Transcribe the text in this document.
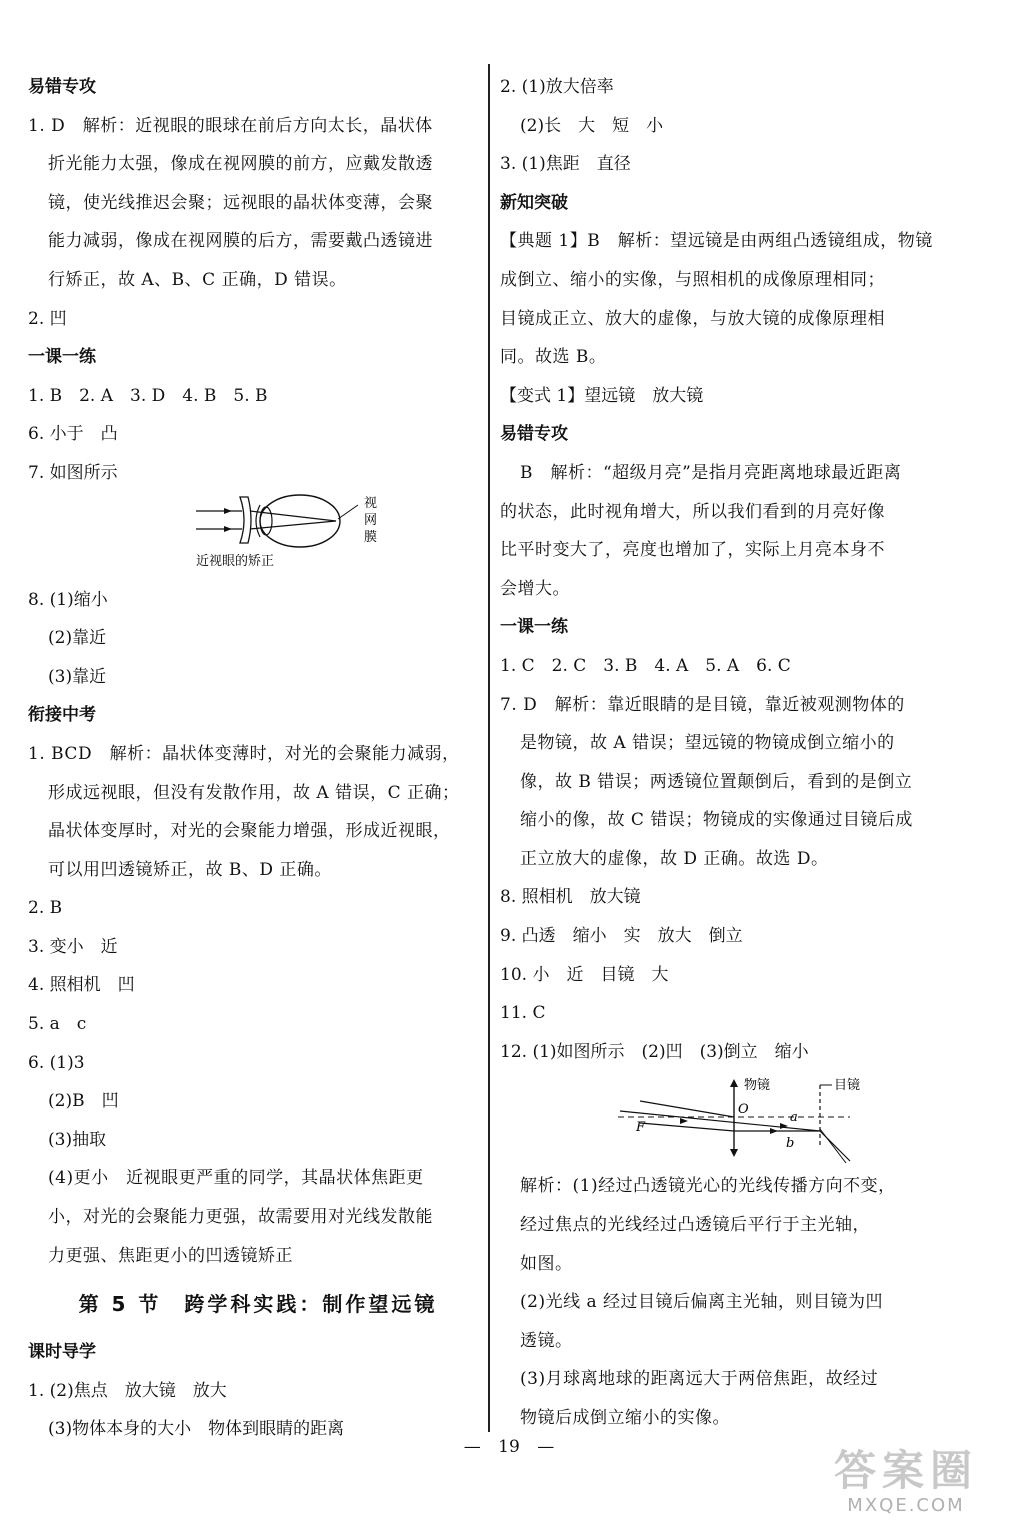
易错专攻
1. D　解析：近视眼的眼球在前后方向太长，晶状体
折光能力太强，像成在视网膜的前方，应戴发散透
镜，使光线推迟会聚；远视眼的晶状体变薄，会聚
能力减弱，像成在视网膜的后方，需要戴凸透镜进
行矫正，故 A、B、C 正确，D 错误。
2. 凹
一课一练
1. B　2. A　3. D　4. B　5. B
6. 小于　凸
7. 如图所示
视
网
膜
近视眼的矫正
8. (1)缩小
(2)靠近
(3)靠近
衔接中考
1. BCD　解析：晶状体变薄时，对光的会聚能力减弱，
形成远视眼，但没有发散作用，故 A 错误，C 正确；
晶状体变厚时，对光的会聚能力增强，形成近视眼，
可以用凹透镜矫正，故 B、D 正确。
2. B
3. 变小　近
4. 照相机　凹
5. a　c
6. (1)3
(2)B　凹
(3)抽取
(4)更小　近视眼更严重的同学，其晶状体焦距更
小，对光的会聚能力更强，故需要用对光线发散能
力更强、焦距更小的凹透镜矫正
第 5 节　跨学科实践：制作望远镜
课时导学
1. (2)焦点　放大镜　放大
(3)物体本身的大小　物体到眼睛的距离
2. (1)放大倍率
(2)长　大　短　小
3. (1)焦距　直径
新知突破
【典题 1】B　解析：望远镜是由两组凸透镜组成，物镜
成倒立、缩小的实像，与照相机的成像原理相同；
目镜成正立、放大的虚像，与放大镜的成像原理相
同。故选 B。
【变式 1】望远镜　放大镜
易错专攻
B　解析：“超级月亮”是指月亮距离地球最近距离
的状态，此时视角增大，所以我们看到的月亮好像
比平时变大了，亮度也增加了，实际上月亮本身不
会增大。
一课一练
1. C　2. C　3. B　4. A　5. A　6. C
7. D　解析：靠近眼睛的是目镜，靠近被观测物体的
是物镜，故 A 错误；望远镜的物镜成倒立缩小的
像，故 B 错误；两透镜位置颠倒后，看到的是倒立
缩小的像，故 C 错误；物镜成的实像通过目镜后成
正立放大的虚像，故 D 正确。故选 D。
8. 照相机　放大镜
9. 凸透　缩小　实　放大　倒立
10. 小　近　目镜　大
11. C
12. (1)如图所示　(2)凹　(3)倒立　缩小
物镜	目镜
O
F
a
b
解析：(1)经过凸透镜光心的光线传播方向不变，
经过焦点的光线经过凸透镜后平行于主光轴，
如图。
(2)光线 a 经过目镜后偏离主光轴，则目镜为凹
透镜。
(3)月球离地球的距离远大于两倍焦距，故经过
物镜后成倒立缩小的实像。
— 19 —	答案圈
MXQE.COM
